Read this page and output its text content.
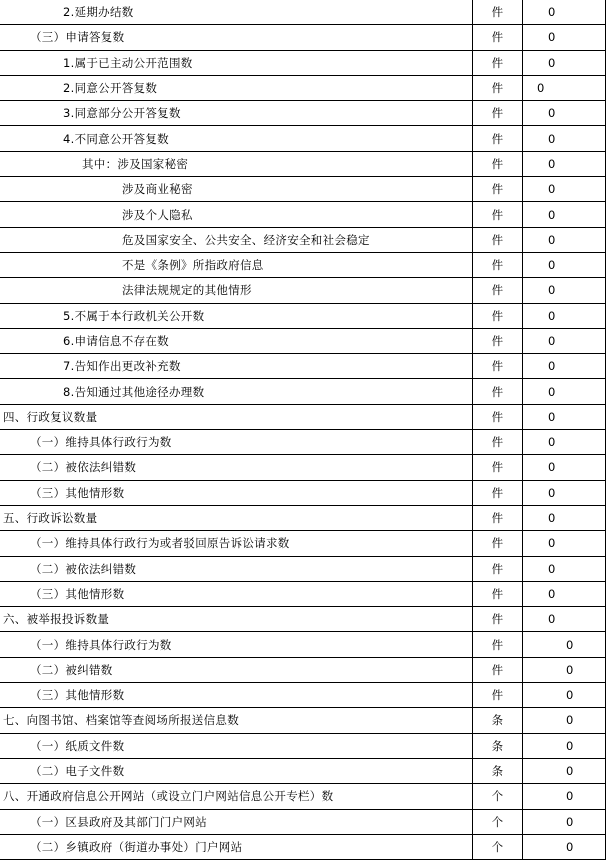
2.延期办结数	件	0
（三）申请答复数	件	0
1.属于已主动公开范围数	件	0
2.同意公开答复数	件	0
3.同意部分公开答复数	件	0
4.不同意公开答复数	件	0
其中：涉及国家秘密	件	0
涉及商业秘密	件	0
涉及个人隐私	件	0
危及国家安全、公共安全、经济安全和社会稳定	件	0
不是《条例》所指政府信息	件	0
法律法规规定的其他情形	件	0
5.不属于本行政机关公开数	件	0
6.申请信息不存在数	件	0
7.告知作出更改补充数	件	0
8.告知通过其他途径办理数	件	0
四、行政复议数量	件	0
（一）维持具体行政行为数	件	0
（二）被依法纠错数	件	0
（三）其他情形数	件	0
五、行政诉讼数量	件	0
（一）维持具体行政行为或者驳回原告诉讼请求数	件	0
（二）被依法纠错数	件	0
（三）其他情形数	件	0
六、被举报投诉数量	件	0
（一）维持具体行政行为数	件	0
（二）被纠错数	件	0
（三）其他情形数	件	0
七、向图书馆、档案馆等查阅场所报送信息数	条	0
（一）纸质文件数	条	0
（二）电子文件数	条	0
八、开通政府信息公开网站（或设立门户网站信息公开专栏）数	个	0
（一）区县政府及其部门门户网站	个	0
（二）乡镇政府（街道办事处）门户网站	个	0
